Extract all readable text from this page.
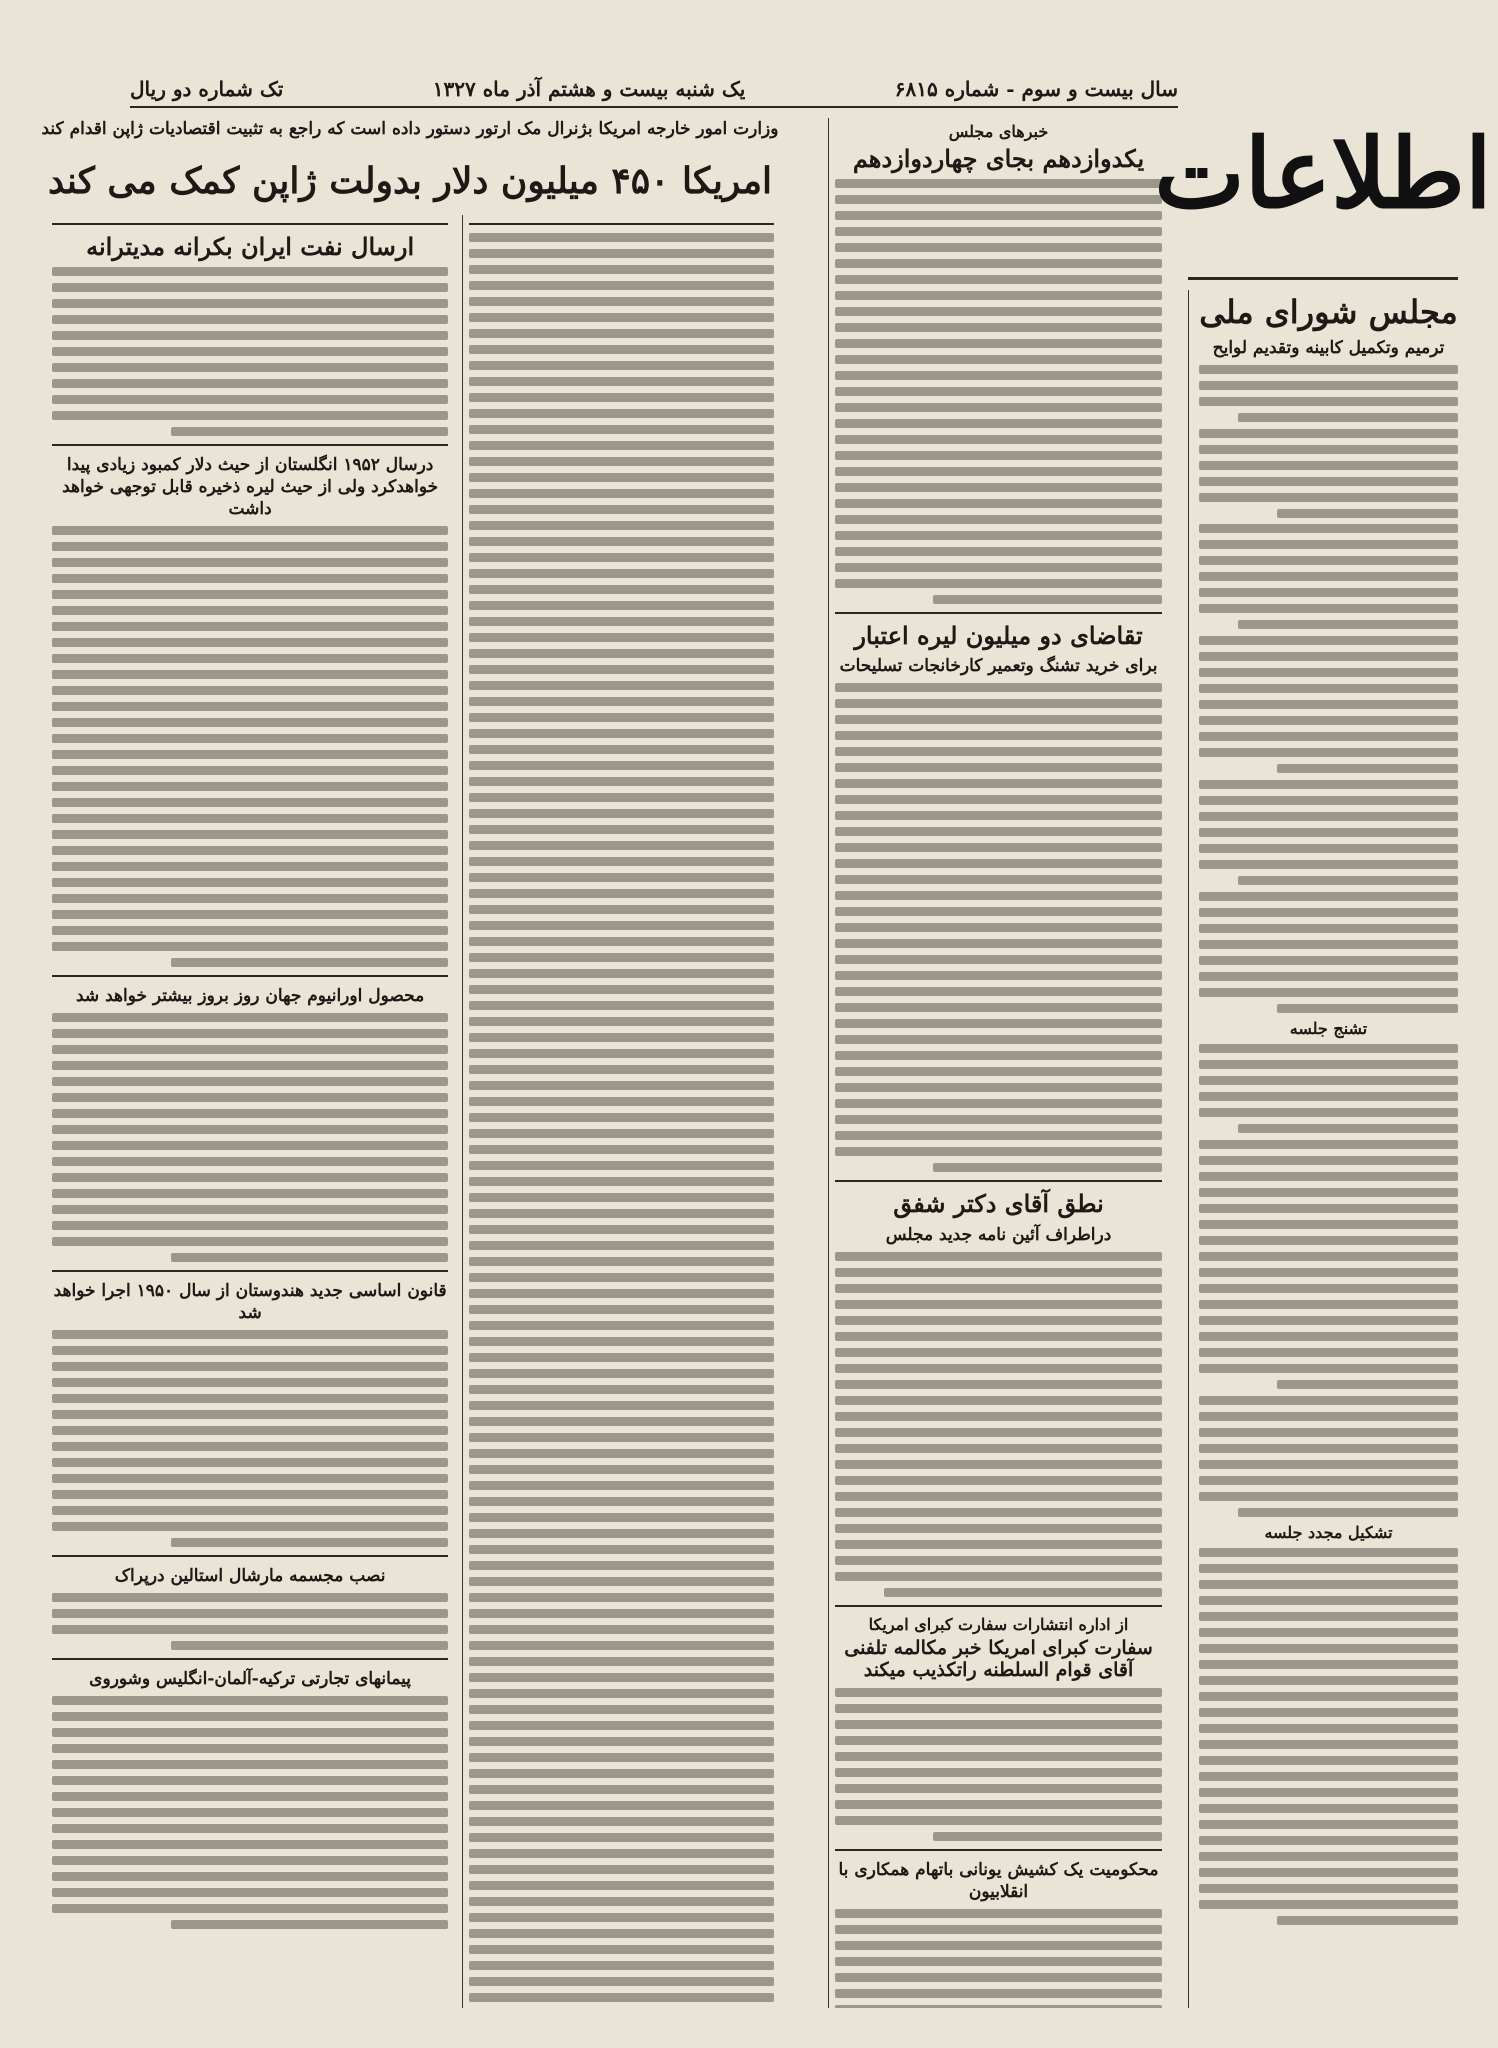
سال بیست و سوم - شماره ۶۸۱۵
یک شنبه بیست و هشتم آذر ماه ۱۳۲۷
تک شماره دو ریال
اطلاعات
مجلس شورای ملی
ترمیم وتکمیل کابینه وتقدیم لوایح
تشنج جلسه
تشکیل مجدد جلسه
خبرهای مجلس
یکدوازدهم بجای چهاردوازدهم
تقاضای دو میلیون لیره اعتبار
برای خرید تشنگ وتعمیر کارخانجات تسلیحات
نطق آقای دکتر شفق
دراطراف آئین نامه جدید مجلس
از اداره انتشارات سفارت کبرای امریکا
سفارت کبرای امریکا خبر مکالمه تلفنی آقای قوام السلطنه راتکذیب میکند
محکومیت یک کشیش یونانی باتهام همکاری با انقلابیون
وزارت امور خارجه امریکا بژنرال مک ارتور دستور داده است که راجع به تثبیت اقتصادیات ژاپن اقدام کند
امریکا ۴۵۰ میلیون دلار بدولت ژاپن کمک می کند
ارسال نفت ایران بکرانه مدیترانه
درسال ۱۹۵۲ انگلستان از حیث دلار کمبود زیادی پیدا خواهدکرد ولی از حیث لیره ذخیره قابل توجهی خواهد داشت
محصول اورانیوم جهان روز بروز بیشتر خواهد شد
قانون اساسی جدید هندوستان از سال ۱۹۵۰ اجرا خواهد شد
نصب مجسمه مارشال استالین درپراک
پیمانهای تجارتی ترکیه-آلمان-انگلیس وشوروی
